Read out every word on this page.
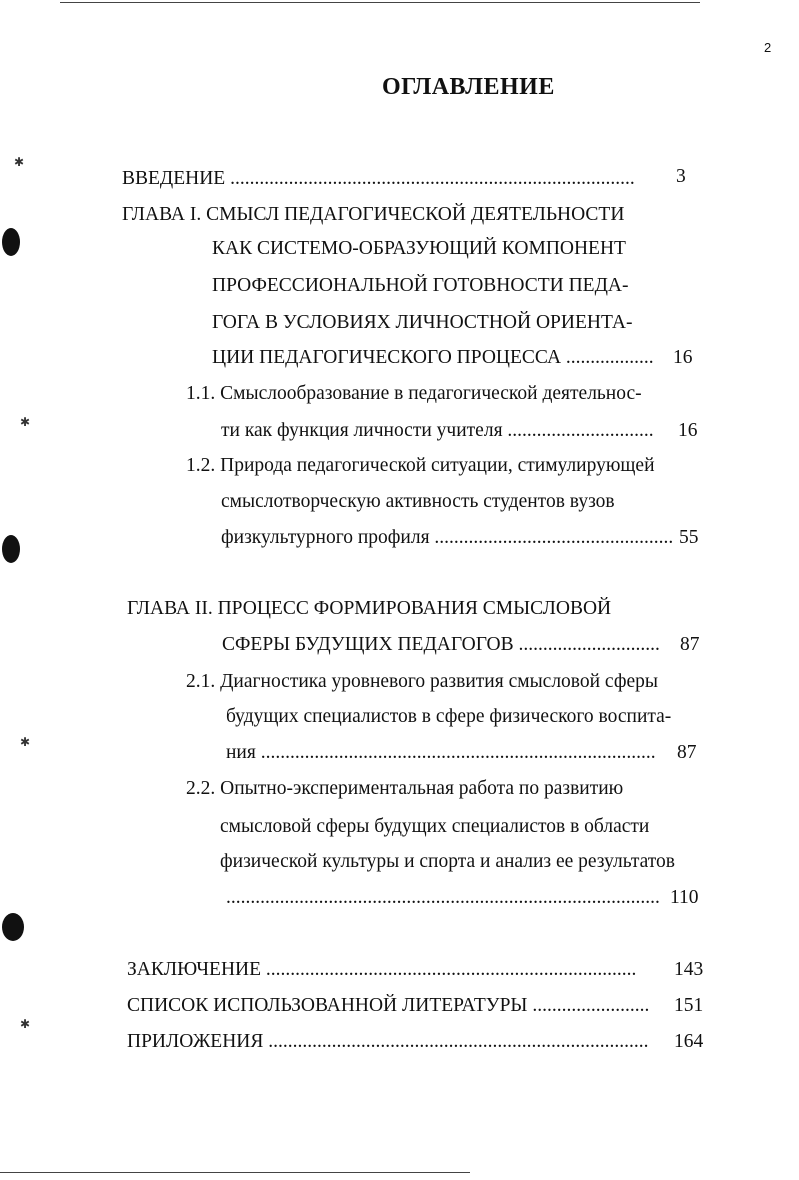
✱
✱
✱
✱
2
ОГЛАВЛЕНИЕ
ВВЕДЕНИЕ ................................................................................... 3
ГЛАВА I. СМЫСЛ ПЕДАГОГИЧЕСКОЙ ДЕЯТЕЛЬНОСТИ
КАК СИСТЕМО-ОБРАЗУЮЩИЙ КОМПОНЕНТ
ПРОФЕССИОНАЛЬНОЙ ГОТОВНОСТИ ПЕДА-
ГОГА В УСЛОВИЯХ ЛИЧНОСТНОЙ ОРИЕНТА-
ЦИИ ПЕДАГОГИЧЕСКОГО ПРОЦЕССА .................. 16
1.1. Смыслообразование в педагогической деятельнос-
ти как функция личности учителя .............................. 16
1.2. Природа педагогической ситуации, стимулирующей
смыслотворческую активность студентов вузов
физкультурного профиля ................................................. 55
ГЛАВА II. ПРОЦЕСС ФОРМИРОВАНИЯ СМЫСЛОВОЙ
СФЕРЫ БУДУЩИХ ПЕДАГОГОВ ............................. 87
2.1. Диагностика уровневого развития смысловой сферы
будущих специалистов в сфере физического воспита-
ния ................................................................................. 87
2.2. Опытно-экспериментальная работа по развитию
смысловой сферы будущих специалистов в области
физической культуры и спорта и анализ ее результатов
......................................................................................... 110
ЗАКЛЮЧЕНИЕ ............................................................................ 143
СПИСОК ИСПОЛЬЗОВАННОЙ ЛИТЕРАТУРЫ ........................ 151
ПРИЛОЖЕНИЯ .............................................................................. 164
